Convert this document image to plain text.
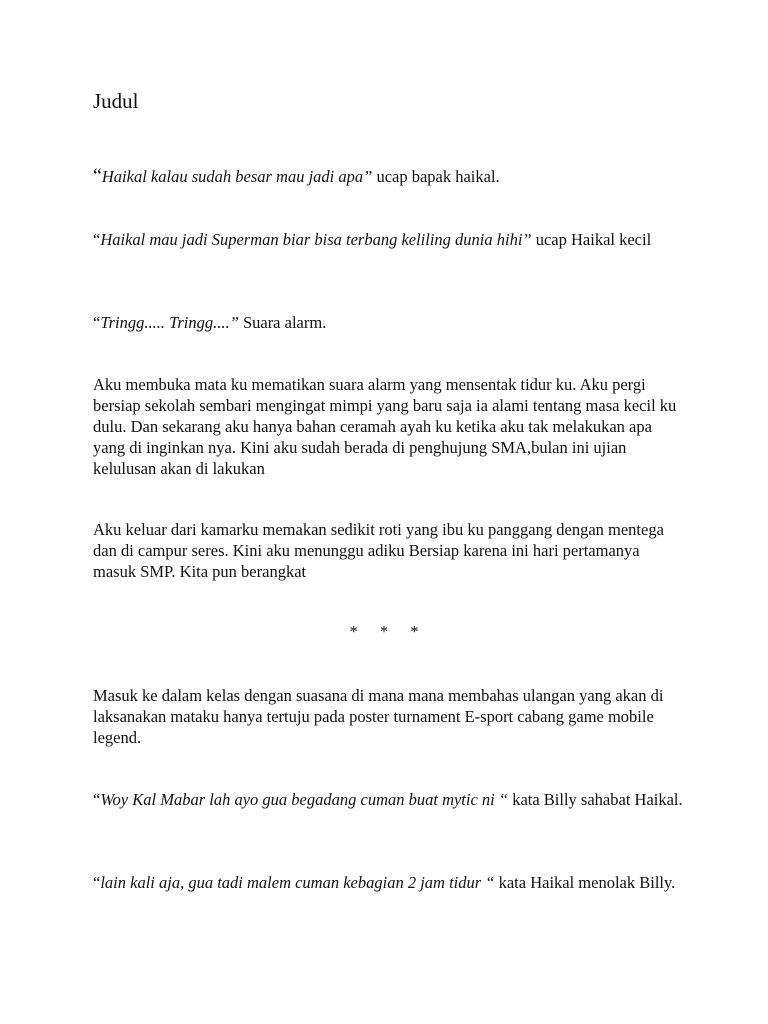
Judul

“Haikal kalau sudah besar mau jadi apa” ucap bapak haikal.

“Haikal mau jadi Superman biar bisa terbang keliling dunia hihi” ucap Haikal kecil

“Tringg..... Tringg....” Suara alarm.

Aku membuka mata ku mematikan suara alarm yang mensentak tidur ku. Aku pergi bersiap sekolah sembari mengingat mimpi yang baru saja ia alami tentang masa kecil ku dulu. Dan sekarang aku hanya bahan ceramah ayah ku ketika aku tak melakukan apa yang di inginkan nya. Kini aku sudah berada di penghujung SMA,bulan ini ujian kelulusan akan di lakukan

Aku keluar dari kamarku memakan sedikit roti yang ibu ku panggang dengan mentega dan di campur seres. Kini aku menunggu adiku Bersiap karena ini hari pertamanya masuk SMP. Kita pun berangkat

* * *

Masuk ke dalam kelas dengan suasana di mana mana membahas ulangan yang akan di laksanakan mataku hanya tertuju pada poster turnament E-sport cabang game mobile legend.

“Woy Kal Mabar lah ayo gua begadang cuman buat mytic ni “ kata Billy sahabat Haikal.

“lain kali aja, gua tadi malem cuman kebagian 2 jam tidur “ kata Haikal menolak Billy.
